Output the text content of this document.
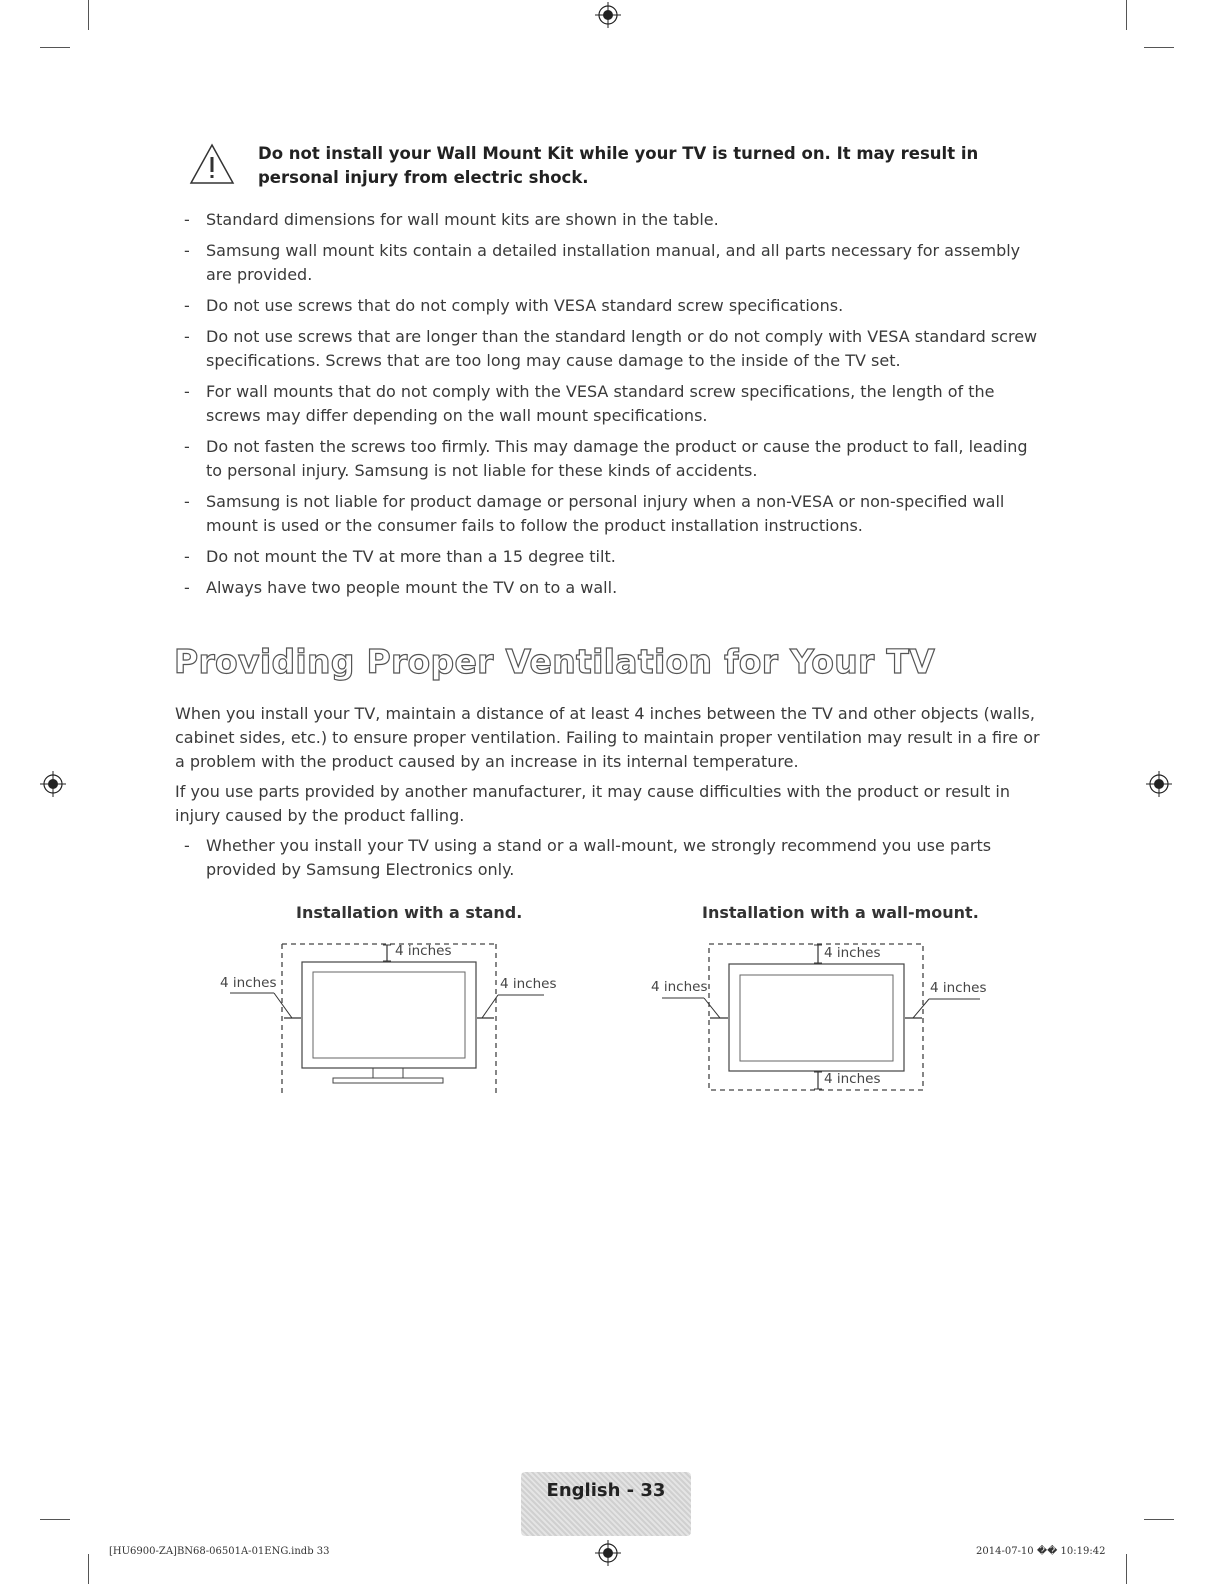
Do not install your Wall Mount Kit while your TV is turned on. It may result in personal injury from electric shock.
- Standard dimensions for wall mount kits are shown in the table.
- Samsung wall mount kits contain a detailed installation manual, and all parts necessary for assembly are provided.
- Do not use screws that do not comply with VESA standard screw specifications.
- Do not use screws that are longer than the standard length or do not comply with VESA standard screw specifications. Screws that are too long may cause damage to the inside of the TV set.
- For wall mounts that do not comply with the VESA standard screw specifications, the length of the screws may differ depending on the wall mount specifications.
- Do not fasten the screws too firmly. This may damage the product or cause the product to fall, leading to personal injury. Samsung is not liable for these kinds of accidents.
- Samsung is not liable for product damage or personal injury when a non-VESA or non-specified wall mount is used or the consumer fails to follow the product installation instructions.
- Do not mount the TV at more than a 15 degree tilt.
- Always have two people mount the TV on to a wall.
Providing Proper Ventilation for Your TV

When you install your TV, maintain a distance of at least 4 inches between the TV and other objects (walls, cabinet sides, etc.) to ensure proper ventilation. Failing to maintain proper ventilation may result in a fire or a problem with the product caused by an increase in its internal temperature.

If you use parts provided by another manufacturer, it may cause difficulties with the product or result in injury caused by the product falling.

- Whether you install your TV using a stand or a wall-mount, we strongly recommend you use parts provided by Samsung Electronics only.
Installation with a stand.
4 inches
4 inches	4 inches
Installation with a wall-mount.
4 inches
4 inches	4 inches
4 inches
English - 33
[HU6900-ZA]BN68-06501A-01ENG.indb 33	2014-07-10 �� 10:19:42
